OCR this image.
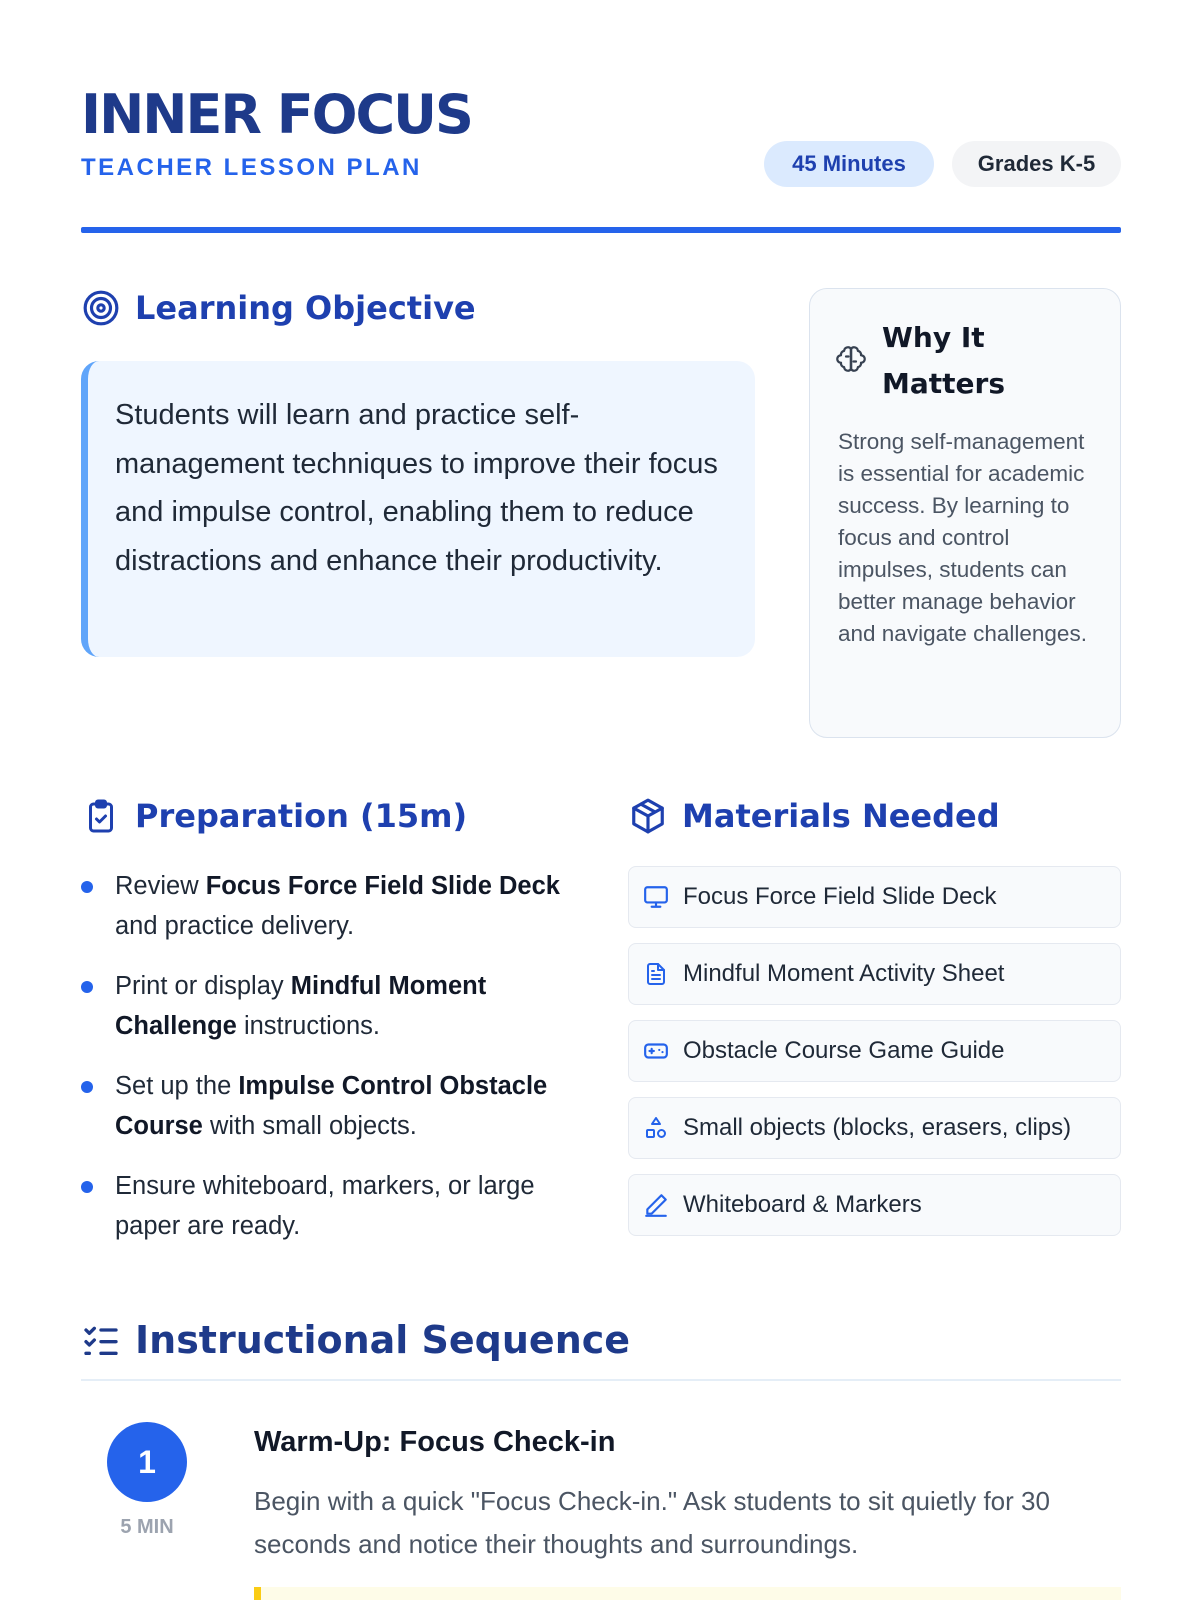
INNER FOCUS
TEACHER LESSON PLAN	45 Minutes	Grades K-5
Learning Objective
Students will learn and practice self-management techniques to improve their focus and impulse control, enabling them to reduce distractions and enhance their productivity.
Why It Matters
Strong self-management is essential for academic success. By learning to focus and control impulses, students can better manage behavior and navigate challenges.
Preparation (15m)
Review Focus Force Field Slide Deck and practice delivery.
Print or display Mindful Moment Challenge instructions.
Set up the Impulse Control Obstacle Course with small objects.
Ensure whiteboard, markers, or large paper are ready.
Materials Needed
Focus Force Field Slide Deck
Mindful Moment Activity Sheet
Obstacle Course Game Guide
Small objects (blocks, erasers, clips)
Whiteboard & Markers
Instructional Sequence
1
5 MIN
Warm-Up: Focus Check-in
Begin with a quick "Focus Check-in." Ask students to sit quietly for 30 seconds and notice their thoughts and surroundings.
